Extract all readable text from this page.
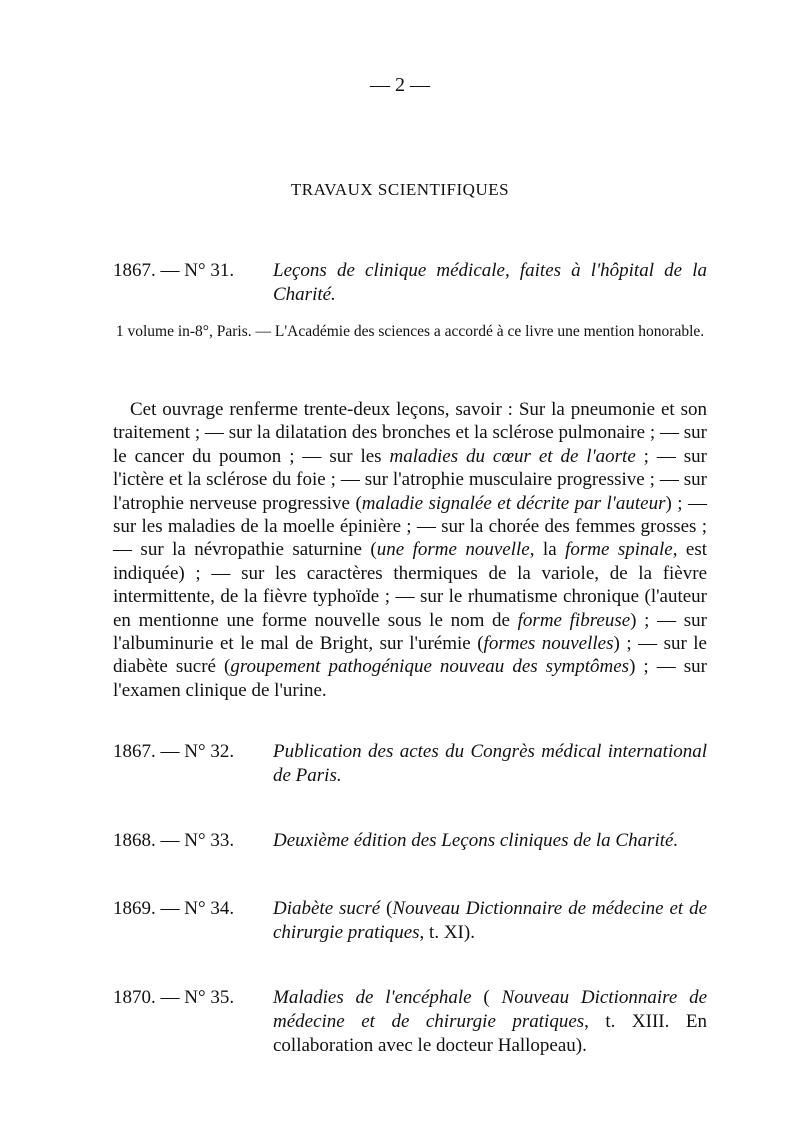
— 2 —
TRAVAUX SCIENTIFIQUES
1867. — N° 31. Leçons de clinique médicale, faites à l'hôpital de la Charité.
1 volume in-8°, Paris. — L'Académie des sciences a accordé à ce livre une mention honorable.
Cet ouvrage renferme trente-deux leçons, savoir : Sur la pneumonie et son traitement ; — sur la dilatation des bronches et la sclérose pulmonaire ; — sur le cancer du poumon ; — sur les maladies du cœur et de l'aorte ; — sur l'ictère et la sclérose du foie ; — sur l'atrophie musculaire progressive ; — sur l'atrophie nerveuse progressive (maladie signalée et décrite par l'auteur) ; — sur les maladies de la moelle épinière ; — sur la chorée des femmes grosses ; — sur la névropathie saturnine (une forme nouvelle, la forme spinale, est indiquée) ; — sur les caractères thermiques de la variole, de la fièvre intermittente, de la fièvre typhoïde ; — sur le rhumatisme chronique (l'auteur en mentionne une forme nouvelle sous le nom de forme fibreuse) ; — sur l'albuminurie et le mal de Bright, sur l'urémie (formes nouvelles) ; — sur le diabète sucré (groupement pathogénique nouveau des symptômes) ; — sur l'examen clinique de l'urine.
1867. — N° 32. Publication des actes du Congrès médical international de Paris.
1868. — N° 33. Deuxième édition des Leçons cliniques de la Charité.
1869. — N° 34. Diabète sucré (Nouveau Dictionnaire de médecine et de chirurgie pratiques, t. XI).
1870. — N° 35. Maladies de l'encéphale ( Nouveau Dictionnaire de médecine et de chirurgie pratiques, t. XIII. En collaboration avec le docteur Hallopeau).
